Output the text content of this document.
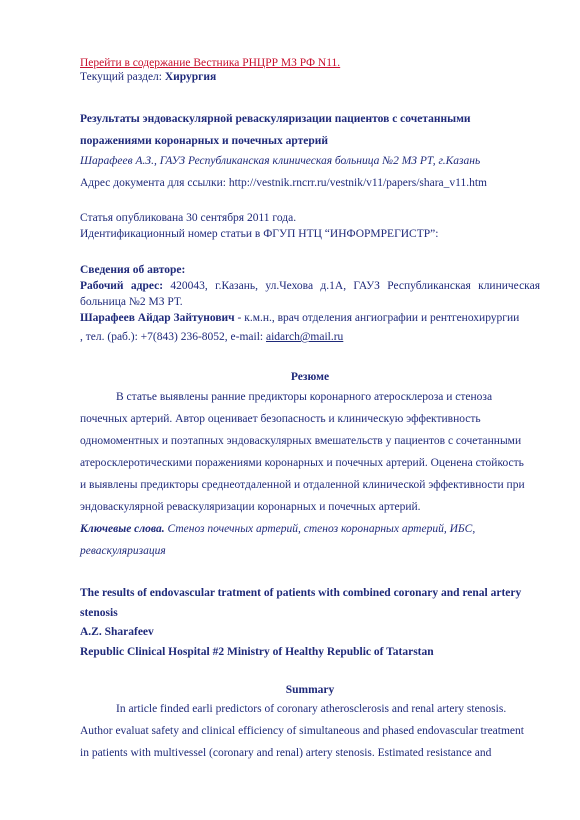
Перейти в содержание Вестника РНЦРР МЗ РФ N11.
Текущий раздел: Хирургия
Результаты эндоваскулярной реваскуляризации пациентов с сочетанными
поражениями коронарных и почечных артерий
Шарафеев А.З., ГАУЗ Республиканская клиническая больница №2 МЗ РТ, г.Казань
Адрес документа для ссылки: http://vestnik.rncrr.ru/vestnik/v11/papers/shara_v11.htm
Статья опубликована 30 сентября 2011 года.
Идентификационный номер статьи в ФГУП НТЦ “ИНФОРМРЕГИСТР”:
Сведения об авторе:
Рабочий адрес: 420043, г.Казань, ул.Чехова д.1А, ГАУЗ Республиканская клиническая
больница №2 МЗ РТ.
Шарафеев Айдар Зайтунович - к.м.н., врач отделения ангиографии и рентгенохирургии
, тел. (раб.): +7(843) 236-8052, e-mail: aidarch@mail.ru
Резюме
В статье выявлены ранние предикторы коронарного атеросклероза и стеноза
почечных артерий. Автор оценивает безопасность и клиническую эффективность
одномоментных и поэтапных эндоваскулярных вмешательств у пациентов с сочетанными
атеросклеротическими поражениями коронарных и почечных артерий. Оценена стойкость
и выявлены предикторы среднеотдаленной и отдаленной клинической эффективности при
эндоваскулярной реваскуляризации коронарных и почечных артерий.
Ключевые слова. Стеноз почечных артерий, стеноз коронарных артерий, ИБС,
реваскуляризация
The results of endovascular tratment of patients with combined coronary and renal artery
stenosis
A.Z. Sharafeev
Republic Clinical Hospital #2 Ministry of Healthy Republic of Tatarstan
Summary
In article finded earli predictors of coronary atherosclerosis and renal artery stenosis.
Author evaluat safety and clinical efficiency of simultaneous and phased endovascular treatment
in patients with multivessel (coronary and renal) artery stenosis. Estimated resistance and
